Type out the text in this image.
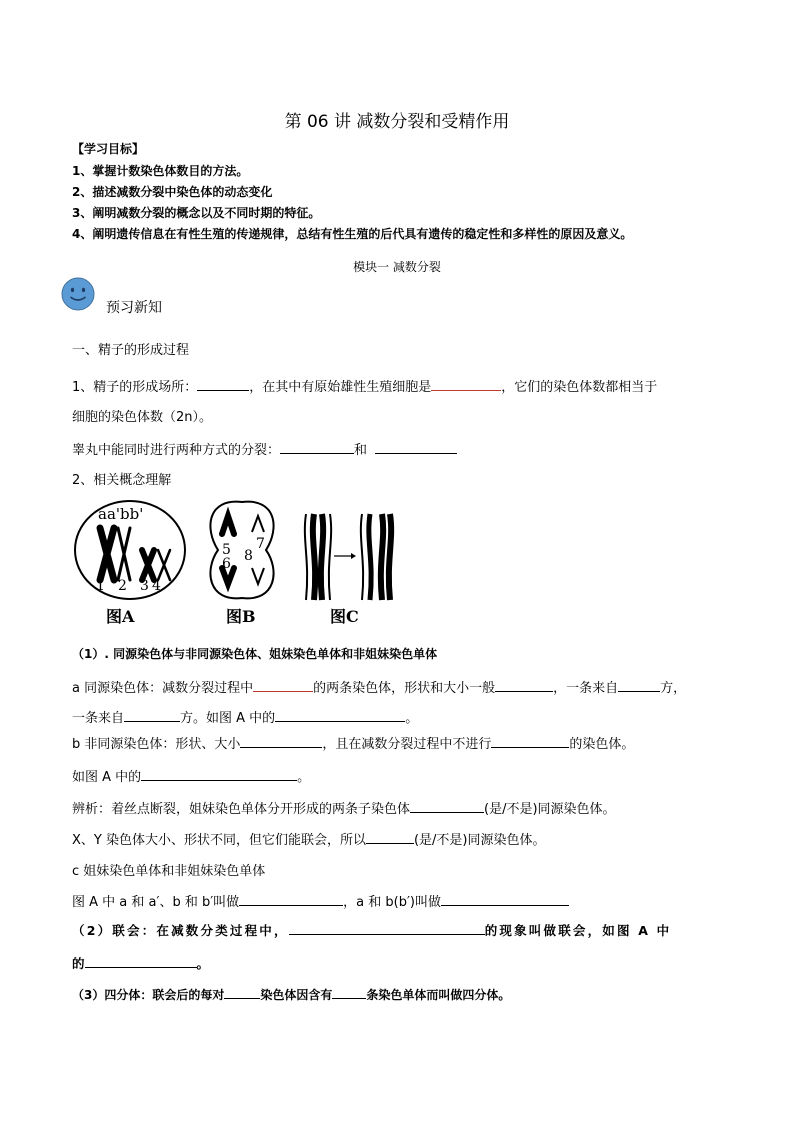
第 06 讲 减数分裂和受精作用
【学习目标】
1、掌握计数染色体数目的方法。
2、描述减数分裂中染色体的动态变化
3、阐明减数分裂的概念以及不同时期的特征。
4、阐明遗传信息在有性生殖的传递规律，总结有性生殖的后代具有遗传的稳定性和多样性的原因及意义。
模块一 减数分裂
预习新知
一、精子的形成过程
1、精子的形成场所：	，在其中有原始雄性生殖细胞是	，它们的染色体数都相当于
细胞的染色体数（2n）。
睾丸中能同时进行两种方式的分裂：	和
2、相关概念理解
aa'bb'
1 2 3 4
图A
5
6
7
8
图B	图C
（1）. 同源染色体与非同源染色体、姐妹染色单体和非姐妹染色单体
a 同源染色体：减数分裂过程中	的两条染色体，形状和大小一般	，一条来自	方，
一条来自	方。如图 A 中的	。
b 非同源染色体：形状、大小	，且在减数分裂过程中不进行	的染色体。
如图 A 中的	。
辨析：着丝点断裂，姐妹染色单体分开形成的两条子染色体	(是/不是)同源染色体。
X、Y 染色体大小、形状不同，但它们能联会，所以	(是/不是)同源染色体。
c 姐妹染色单体和非姐妹染色单体
图 A 中 a 和 a′、b 和 b′叫做	，a 和 b(b′)叫做
（2）联会：在减数分类过程中，	的现象叫做联会，如图 A 中
的	。
（3）四分体：联会后的每对	染色体因含有	条染色单体而叫做四分体。
